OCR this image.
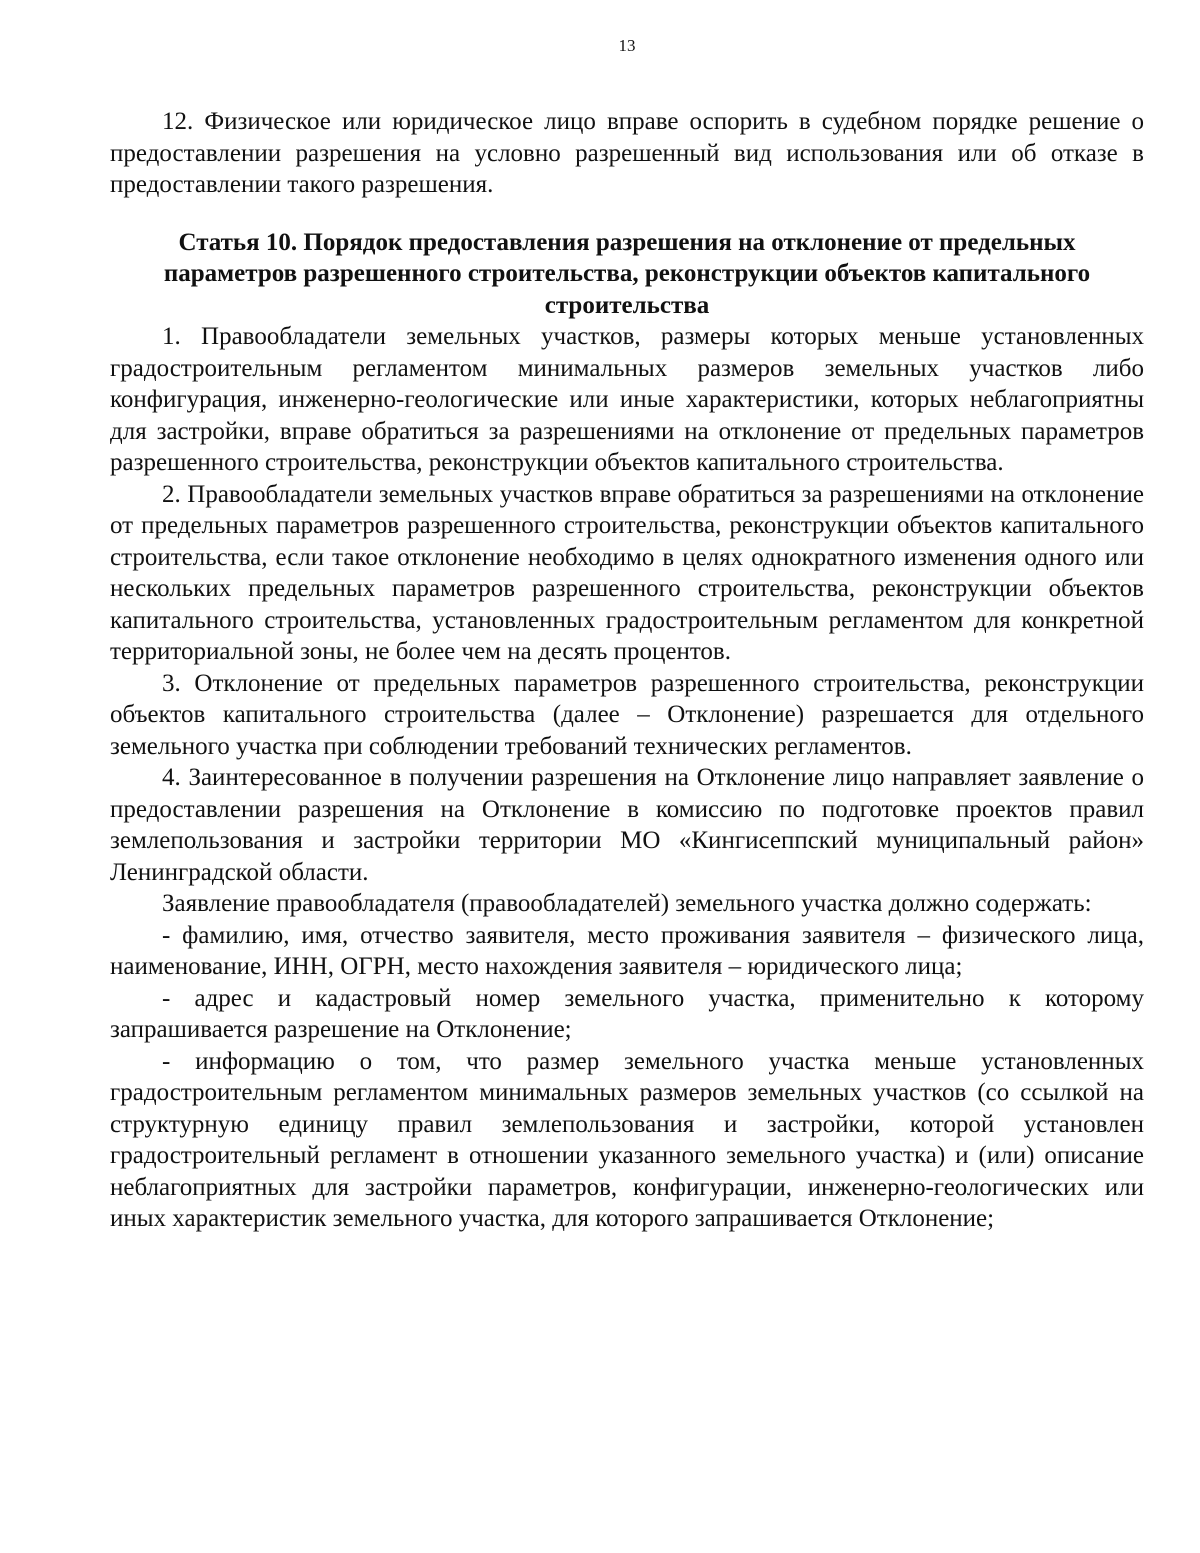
13

12. Физическое или юридическое лицо вправе оспорить в судебном порядке решение о предоставлении разрешения на условно разрешенный вид использования или об отказе в предоставлении такого разрешения.

Статья 10. Порядок предоставления разрешения на отклонение от предельных параметров разрешенного строительства, реконструкции объектов капитального строительства

1. Правообладатели земельных участков, размеры которых меньше установленных градостроительным регламентом минимальных размеров земельных участков либо конфигурация, инженерно-геологические или иные характеристики, которых неблагоприятны для застройки, вправе обратиться за разрешениями на отклонение от предельных параметров разрешенного строительства, реконструкции объектов капитального строительства.

2. Правообладатели земельных участков вправе обратиться за разрешениями на отклонение от предельных параметров разрешенного строительства, реконструкции объектов капитального строительства, если такое отклонение необходимо в целях однократного изменения одного или нескольких предельных параметров разрешенного строительства, реконструкции объектов капитального строительства, установленных градостроительным регламентом для конкретной территориальной зоны, не более чем на десять процентов.

3. Отклонение от предельных параметров разрешенного строительства, реконструкции объектов капитального строительства (далее – Отклонение) разрешается для отдельного земельного участка при соблюдении требований технических регламентов.

4. Заинтересованное в получении разрешения на Отклонение лицо направляет заявление о предоставлении разрешения на Отклонение в комиссию по подготовке проектов правил землепользования и застройки территории МО «Кингисеппский муниципальный район» Ленинградской области.

Заявление правообладателя (правообладателей) земельного участка должно содержать:

- фамилию, имя, отчество заявителя, место проживания заявителя – физического лица, наименование, ИНН, ОГРН, место нахождения заявителя – юридического лица;

- адрес и кадастровый номер земельного участка, применительно к которому запрашивается разрешение на Отклонение;

- информацию о том, что размер земельного участка меньше установленных градостроительным регламентом минимальных размеров земельных участков (со ссылкой на структурную единицу правил землепользования и застройки, которой установлен градостроительный регламент в отношении указанного земельного участка) и (или) описание неблагоприятных для застройки параметров, конфигурации, инженерно-геологических или иных характеристик земельного участка, для которого запрашивается Отклонение;
